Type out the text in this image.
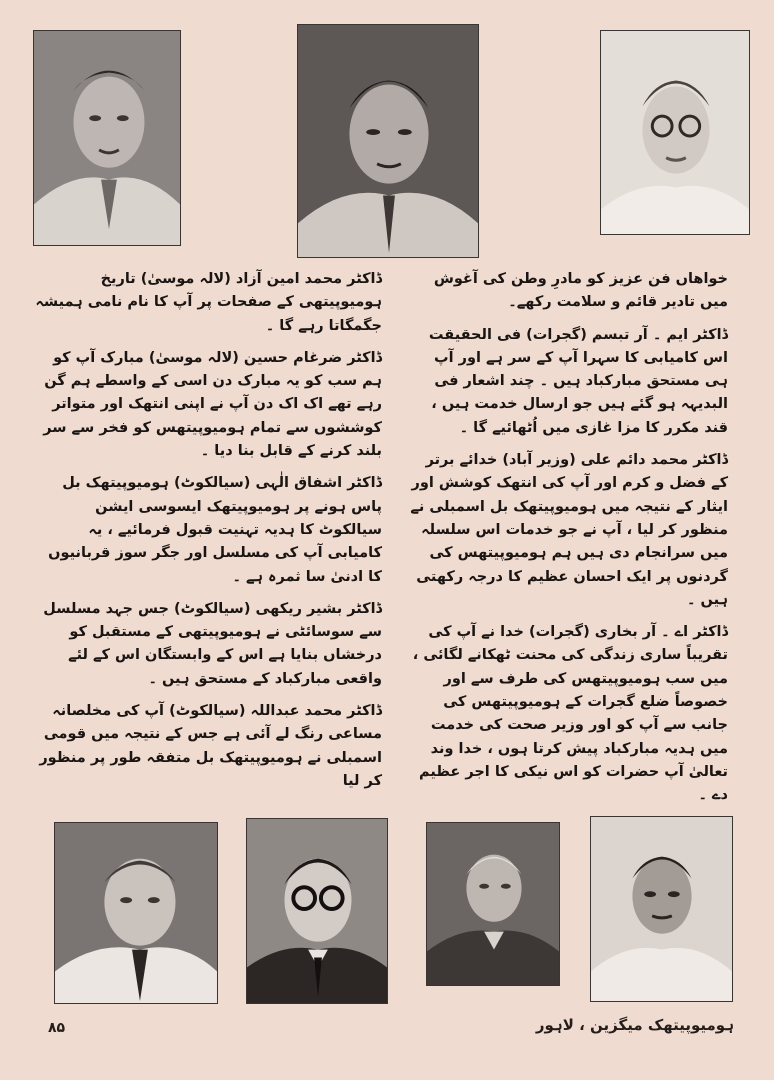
خواهاں فن عزیز کو مادرِ وطن کی آغوش میں تادیر قائم و سلامت رکھے۔

ڈاکٹر ایم ۔ آر تبسم (گجرات) فی الحقیقت اس کامیابی کا سہرا آپ کے سر ہے اور آپ ہی مستحق مبارکباد ہیں ۔ چند اشعار فی البدیہہ ہو گئے ہیں جو ارسال خدمت ہیں ، قند مکرر کا مزا غازی میں اُٹھائیے گا ۔

ڈاکٹر محمد دائم علی (وزیر آباد) خدائے برتر کے فضل و کرم اور آپ کی انتھک کوشش اور ایثار کے نتیجہ میں ہومیوپیتھک بل اسمبلی نے منظور کر لیا ، آپ نے جو خدمات اس سلسلہ میں سرانجام دی ہیں ہم ہومیوپیتھس کی گردنوں پر ایک احسان عظیم کا درجہ رکھتی ہیں ۔

ڈاکٹر اے ۔ آر بخاری (گجرات) خدا نے آپ کی تقریباً ساری زندگی کی محنت ٹھکانے لگائی ، میں سب ہومیوپیتھس کی طرف سے اور خصوصاً ضلع گجرات کے ہومیوپیتھس کی جانب سے آپ کو اور وزیر صحت کی خدمت میں ہدیہ مبارکباد پیش کرتا ہوں ، خدا وند تعالیٰ آپ حضرات کو اس نیکی کا اجر عظیم دے ۔

ڈاکٹر محمد امین آزاد (لالہ موسیٰ) تاریخ ہومیوپیتھی کے صفحات پر آپ کا نام نامی ہمیشہ جگمگاتا رہے گا ۔

ڈاکٹر ضرغام حسین (لالہ موسیٰ) مبارک آپ کو ہم سب کو یہ مبارک دن اسی کے واسطے ہم گن رہے تھے اک اک دن آپ نے اپنی انتھک اور متواتر کوششوں سے تمام ہومیوپیتھس کو فخر سے سر بلند کرنے کے قابل بنا دیا ۔

ڈاکٹر اشفاق الٰہی (سیالکوٹ) ہومیوپیتھک بل پاس ہونے پر ہومیوپیتھک ایسوسی ایشن سیالکوٹ کا ہدیہ تہنیت قبول فرمائیے ، یہ کامیابی آپ کی مسلسل اور جگر سوز قربانیوں کا ادنیٰ سا ثمرہ ہے ۔

ڈاکٹر بشیر ریکھی (سیالکوٹ) جس جہد مسلسل سے سوسائٹی نے ہومیوپیتھی کے مستقبل کو درخشاں بنایا ہے اس کے وابستگان اس کے لئے واقعی مبارکباد کے مستحق ہیں ۔

ڈاکٹر محمد عبداللہ (سیالکوٹ) آپ کی مخلصانہ مساعی رنگ لے آئی ہے جس کے نتیجہ میں قومی اسمبلی نے ہومیوپیتھک بل متفقہ طور پر منظور کر لیا

۸۵	ہومیوپیتھک میگزین ، لاہور
